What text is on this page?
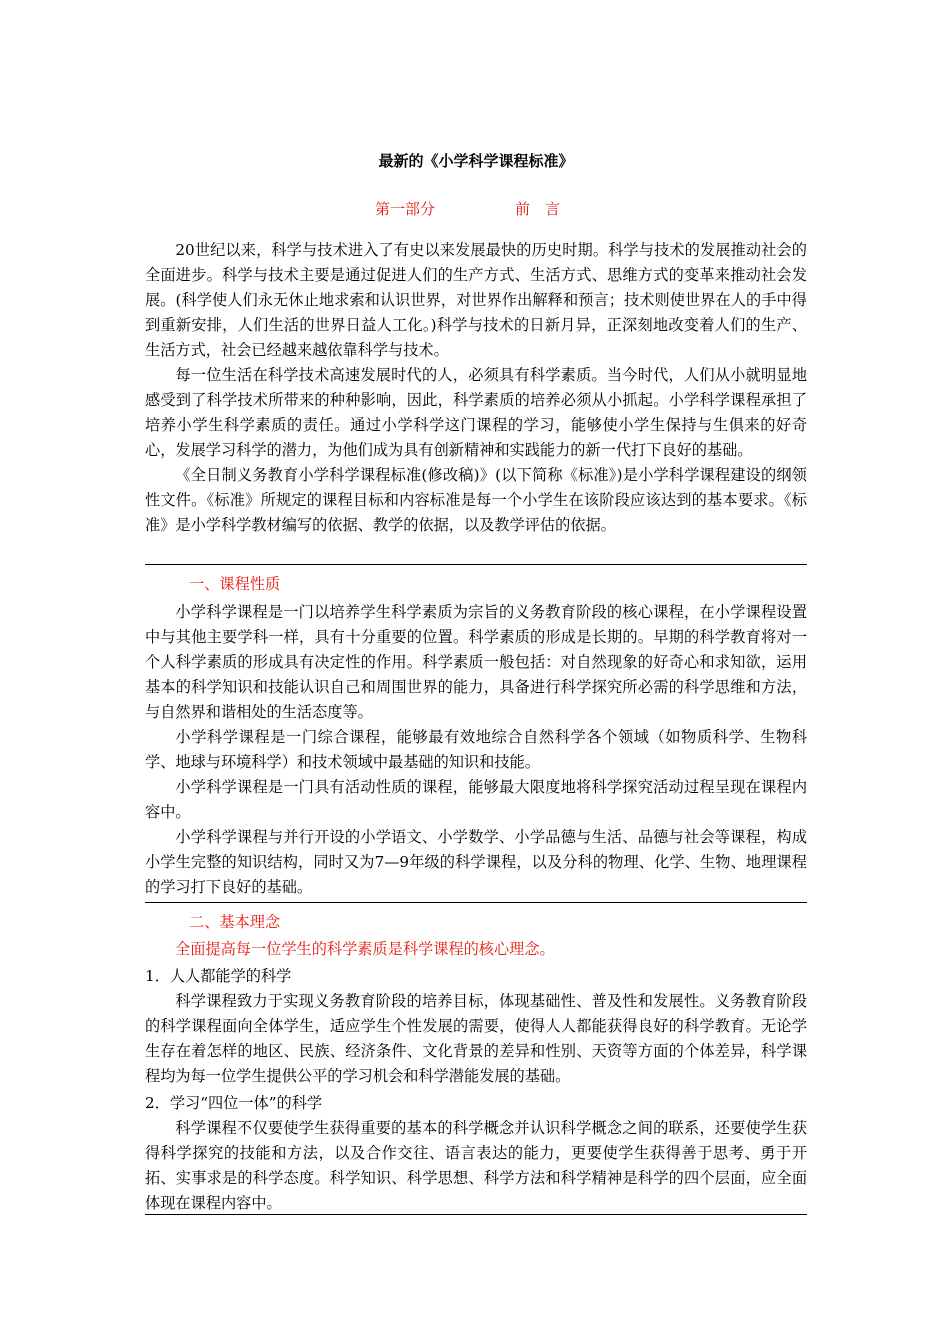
最新的《小学科学课程标准》
第一部分	前　言

20世纪以来，科学与技术进入了有史以来发展最快的历史时期。科学与技术的发展推动社会的全面进步。科学与技术主要是通过促进人们的生产方式、生活方式、思维方式的变革来推动社会发展。(科学使人们永无休止地求索和认识世界，对世界作出解释和预言；技术则使世界在人的手中得到重新安排，人们生活的世界日益人工化。)科学与技术的日新月异，正深刻地改变着人们的生产、生活方式，社会已经越来越依靠科学与技术。

每一位生活在科学技术高速发展时代的人，必须具有科学素质。当今时代，人们从小就明显地感受到了科学技术所带来的种种影响，因此，科学素质的培养必须从小抓起。小学科学课程承担了培养小学生科学素质的责任。通过小学科学这门课程的学习，能够使小学生保持与生俱来的好奇心，发展学习科学的潜力，为他们成为具有创新精神和实践能力的新一代打下良好的基础。

《全日制义务教育小学科学课程标准(修改稿)》(以下简称《标准》)是小学科学课程建设的纲领性文件。《标准》所规定的课程目标和内容标准是每一个小学生在该阶段应该达到的基本要求。《标准》是小学科学教材编写的依据、教学的依据，以及教学评估的依据。

一、课程性质

小学科学课程是一门以培养学生科学素质为宗旨的义务教育阶段的核心课程，在小学课程设置中与其他主要学科一样，具有十分重要的位置。科学素质的形成是长期的。早期的科学教育将对一个人科学素质的形成具有决定性的作用。科学素质一般包括：对自然现象的好奇心和求知欲，运用基本的科学知识和技能认识自己和周围世界的能力，具备进行科学探究所必需的科学思维和方法，与自然界和谐相处的生活态度等。

小学科学课程是一门综合课程，能够最有效地综合自然科学各个领域（如物质科学、生物科学、地球与环境科学）和技术领域中最基础的知识和技能。

小学科学课程是一门具有活动性质的课程，能够最大限度地将科学探究活动过程呈现在课程内容中。

小学科学课程与并行开设的小学语文、小学数学、小学品德与生活、品德与社会等课程，构成小学生完整的知识结构，同时又为7—9年级的科学课程，以及分科的物理、化学、生物、地理课程的学习打下良好的基础。

二、基本理念
全面提高每一位学生的科学素质是科学课程的核心理念。
1．人人都能学的科学

科学课程致力于实现义务教育阶段的培养目标，体现基础性、普及性和发展性。义务教育阶段的科学课程面向全体学生，适应学生个性发展的需要，使得人人都能获得良好的科学教育。无论学生存在着怎样的地区、民族、经济条件、文化背景的差异和性别、天资等方面的个体差异，科学课程均为每一位学生提供公平的学习机会和科学潜能发展的基础。

2．学习“四位一体”的科学

科学课程不仅要使学生获得重要的基本的科学概念并认识科学概念之间的联系，还要使学生获得科学探究的技能和方法，以及合作交往、语言表达的能力，更要使学生获得善于思考、勇于开拓、实事求是的科学态度。科学知识、科学思想、科学方法和科学精神是科学的四个层面，应全面体现在课程内容中。
